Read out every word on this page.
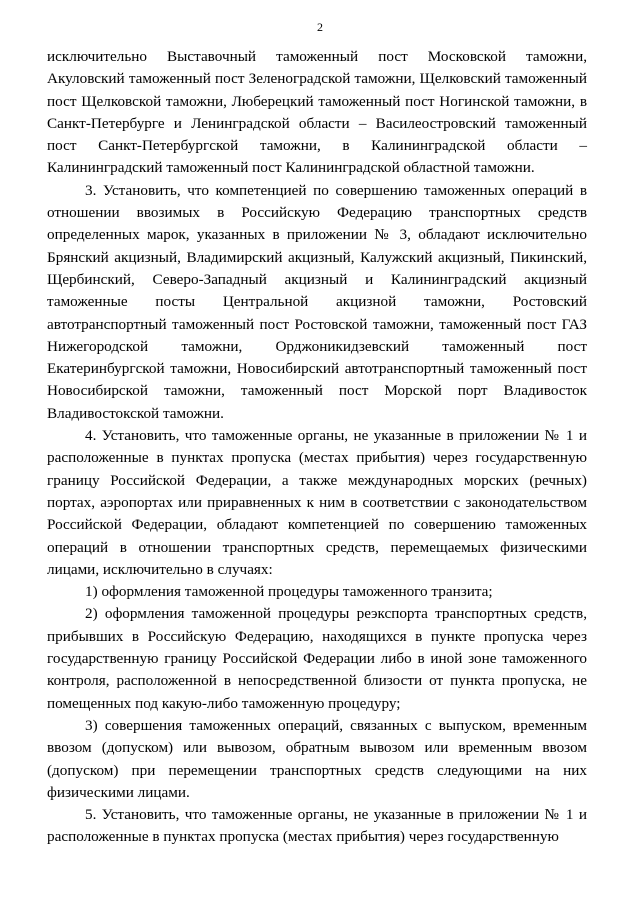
2

исключительно Выставочный таможенный пост Московской таможни, Акуловский таможенный пост Зеленоградской таможни, Щелковский таможенный пост Щелковской таможни, Люберецкий таможенный пост Ногинской таможни, в Санкт-Петербурге и Ленинградской области – Василеостровский таможенный пост Санкт-Петербургской таможни, в Калининградской области – Калининградский таможенный пост Калининградской областной таможни.

3. Установить, что компетенцией по совершению таможенных операций в отношении ввозимых в Российскую Федерацию транспортных средств определенных марок, указанных в приложении № 3, обладают исключительно Брянский акцизный, Владимирский акцизный, Калужский акцизный, Пикинский, Щербинский, Северо-Западный акцизный и Калининградский акцизный таможенные посты Центральной акцизной таможни, Ростовский автотранспортный таможенный пост Ростовской таможни, таможенный пост ГАЗ Нижегородской таможни, Орджоникидзевский таможенный пост Екатеринбургской таможни, Новосибирский автотранспортный таможенный пост Новосибирской таможни, таможенный пост Морской порт Владивосток Владивостокской таможни.

4. Установить, что таможенные органы, не указанные в приложении № 1 и расположенные в пунктах пропуска (местах прибытия) через государственную границу Российской Федерации, а также международных морских (речных) портах, аэропортах или приравненных к ним в соответствии с законодательством Российской Федерации, обладают компетенцией по совершению таможенных операций в отношении транспортных средств, перемещаемых физическими лицами, исключительно в случаях:

1) оформления таможенной процедуры таможенного транзита;

2) оформления таможенной процедуры реэкспорта транспортных средств, прибывших в Российскую Федерацию, находящихся в пункте пропуска через государственную границу Российской Федерации либо в иной зоне таможенного контроля, расположенной в непосредственной близости от пункта пропуска, не помещенных под какую-либо таможенную процедуру;

3) совершения таможенных операций, связанных с выпуском, временным ввозом (допуском) или вывозом, обратным вывозом или временным ввозом (допуском) при перемещении транспортных средств следующими на них физическими лицами.

5. Установить, что таможенные органы, не указанные в приложении № 1 и расположенные в пунктах пропуска (местах прибытия) через государственную
